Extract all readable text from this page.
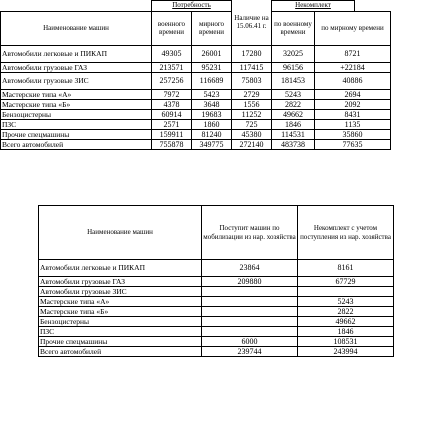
	Потребность		Наличие на 15.06.41 г.	Некомплект	
Наименование машин	военного времени	мирного времени		по военному времени	по мирному времени	
Автомобили легковые и ПИКАП	49305	26001	17280	32025	8721	
Автомобили грузовые ГАЗ	213571	95231	117415	96156	+22184	
Автомобили грузовые ЗИС	257256	116689	75803	181453	40886	
Мастерские типа «А»	7972	5423	2729	5243	2694	
Мастерские типа «Б»	4378	3648	1556	2822	2092	
Бензоцистерны	60914	19683	11252	49662	8431	
ПЗС	2571	1860	725	1846	1135	
Прочие спецмашины	159911	81240	45380	114531	35860	
Всего автомобилей	755878	349775	272140	483738	77635	
Наименование машин	Поступит машин по мобилизации из нар. хозяйства	Некомплект с учетом поступления из нар. хозяйства
Автомобили легковые и ПИКАП	23864	8161
Автомобили грузовые ГАЗ	209880	67729
Автомобили грузовые ЗИС		
Мастерские типа «А»		5243
Мастерские типа «Б»		2822
Бензоцистерны		49662
ПЗС		1846
Прочие спецмашины	6000	108531
Всего автомобилей	239744	243994
